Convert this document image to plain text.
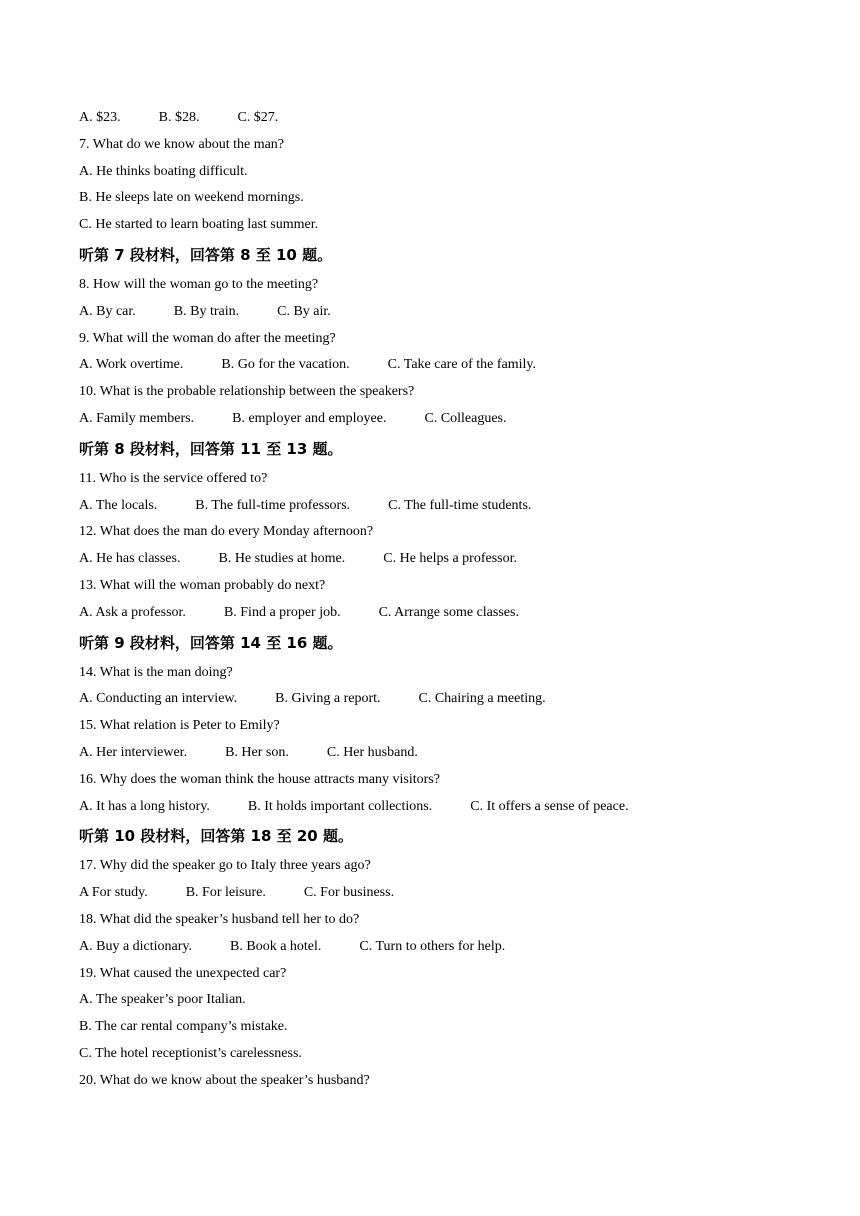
A. $23.	B. $28.	C. $27.
7. What do we know about the man?
A. He thinks boating difficult.
B. He sleeps late on weekend mornings.
C. He started to learn boating last summer.
听第 7 段材料，回答第 8 至 10 题。
8. How will the woman go to the meeting?
A. By car.	B. By train.	C. By air.
9. What will the woman do after the meeting?
A. Work overtime.	B. Go for the vacation.	C. Take care of the family.
10. What is the probable relationship between the speakers?
A. Family members.	B. employer and employee.	C. Colleagues.
听第 8 段材料，回答第 11 至 13 题。
11. Who is the service offered to?
A. The locals.	B. The full-time professors.	C. The full-time students.
12. What does the man do every Monday afternoon?
A. He has classes.	B. He studies at home.	C. He helps a professor.
13. What will the woman probably do next?
A. Ask a professor.	B. Find a proper job.	C. Arrange some classes.
听第 9 段材料，回答第 14 至 16 题。
14. What is the man doing?
A. Conducting an interview.	B. Giving a report.	C. Chairing a meeting.
15. What relation is Peter to Emily?
A. Her interviewer.	B. Her son.	C. Her husband.
16. Why does the woman think the house attracts many visitors?
A. It has a long history.	B. It holds important collections.	C. It offers a sense of peace.
听第 10 段材料，回答第 18 至 20 题。
17. Why did the speaker go to Italy three years ago?
A For study.	B. For leisure.	C. For business.
18. What did the speaker’s husband tell her to do?
A. Buy a dictionary.	B. Book a hotel.	C. Turn to others for help.
19. What caused the unexpected car?
A. The speaker’s poor Italian.
B. The car rental company’s mistake.
C. The hotel receptionist’s carelessness.
20. What do we know about the speaker’s husband?
